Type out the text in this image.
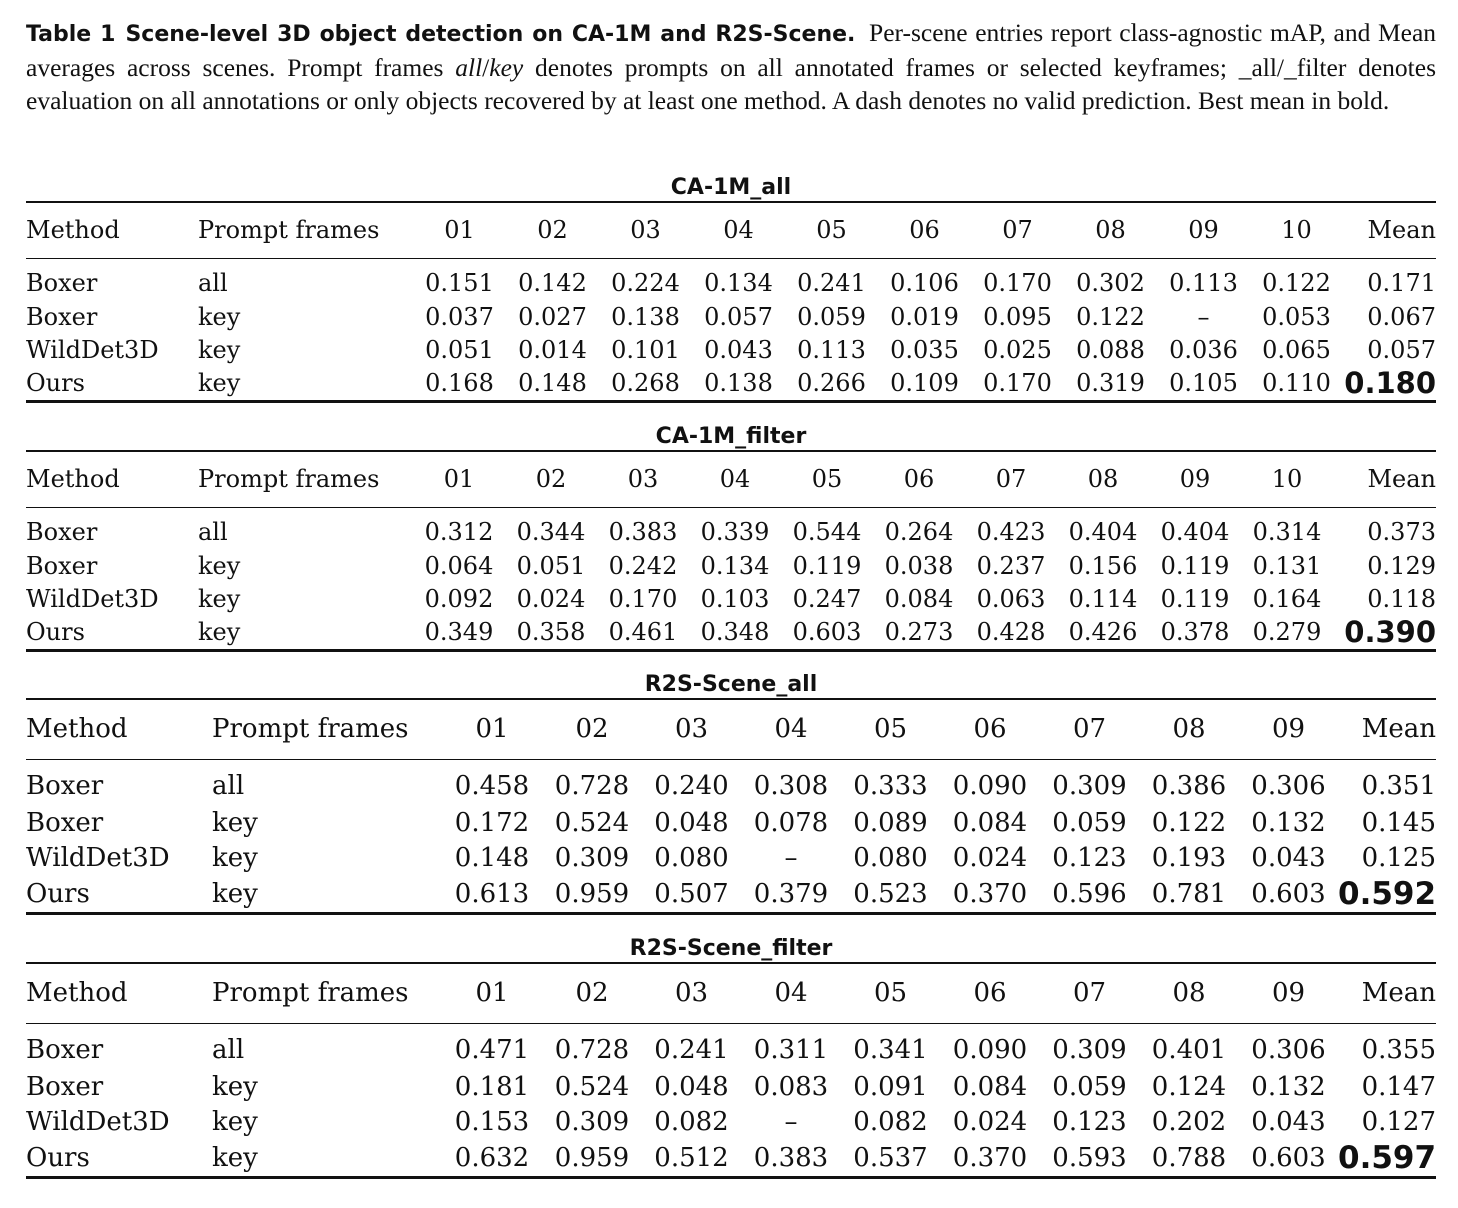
Table 1 Scene-level 3D object detection on CA-1M and R2S-Scene. Per-scene entries report class-agnostic mAP, and Mean averages across scenes. Prompt frames all/key denotes prompts on all annotated frames or selected keyframes; _all/_filter denotes evaluation on all annotations or only objects recovered by at least one method. A dash denotes no valid prediction. Best mean in bold.
CA-1M_all
Method	Prompt frames	01	02	03	04	05	06	07	08	09	10	Mean
Boxer	all	0.151	0.142	0.224	0.134	0.241	0.106	0.170	0.302	0.113	0.122	0.171
Boxer	key	0.037	0.027	0.138	0.057	0.059	0.019	0.095	0.122	–	0.053	0.067
WildDet3D	key	0.051	0.014	0.101	0.043	0.113	0.035	0.025	0.088	0.036	0.065	0.057
Ours	key	0.168	0.148	0.268	0.138	0.266	0.109	0.170	0.319	0.105	0.110	0.180
CA-1M_filter
Method	Prompt frames	01	02	03	04	05	06	07	08	09	10	Mean
Boxer	all	0.312	0.344	0.383	0.339	0.544	0.264	0.423	0.404	0.404	0.314	0.373
Boxer	key	0.064	0.051	0.242	0.134	0.119	0.038	0.237	0.156	0.119	0.131	0.129
WildDet3D	key	0.092	0.024	0.170	0.103	0.247	0.084	0.063	0.114	0.119	0.164	0.118
Ours	key	0.349	0.358	0.461	0.348	0.603	0.273	0.428	0.426	0.378	0.279	0.390
R2S-Scene_all
Method	Prompt frames	01	02	03	04	05	06	07	08	09	Mean
Boxer	all	0.458	0.728	0.240	0.308	0.333	0.090	0.309	0.386	0.306	0.351
Boxer	key	0.172	0.524	0.048	0.078	0.089	0.084	0.059	0.122	0.132	0.145
WildDet3D	key	0.148	0.309	0.080	–	0.080	0.024	0.123	0.193	0.043	0.125
Ours	key	0.613	0.959	0.507	0.379	0.523	0.370	0.596	0.781	0.603	0.592
R2S-Scene_filter
Method	Prompt frames	01	02	03	04	05	06	07	08	09	Mean
Boxer	all	0.471	0.728	0.241	0.311	0.341	0.090	0.309	0.401	0.306	0.355
Boxer	key	0.181	0.524	0.048	0.083	0.091	0.084	0.059	0.124	0.132	0.147
WildDet3D	key	0.153	0.309	0.082	–	0.082	0.024	0.123	0.202	0.043	0.127
Ours	key	0.632	0.959	0.512	0.383	0.537	0.370	0.593	0.788	0.603	0.597
